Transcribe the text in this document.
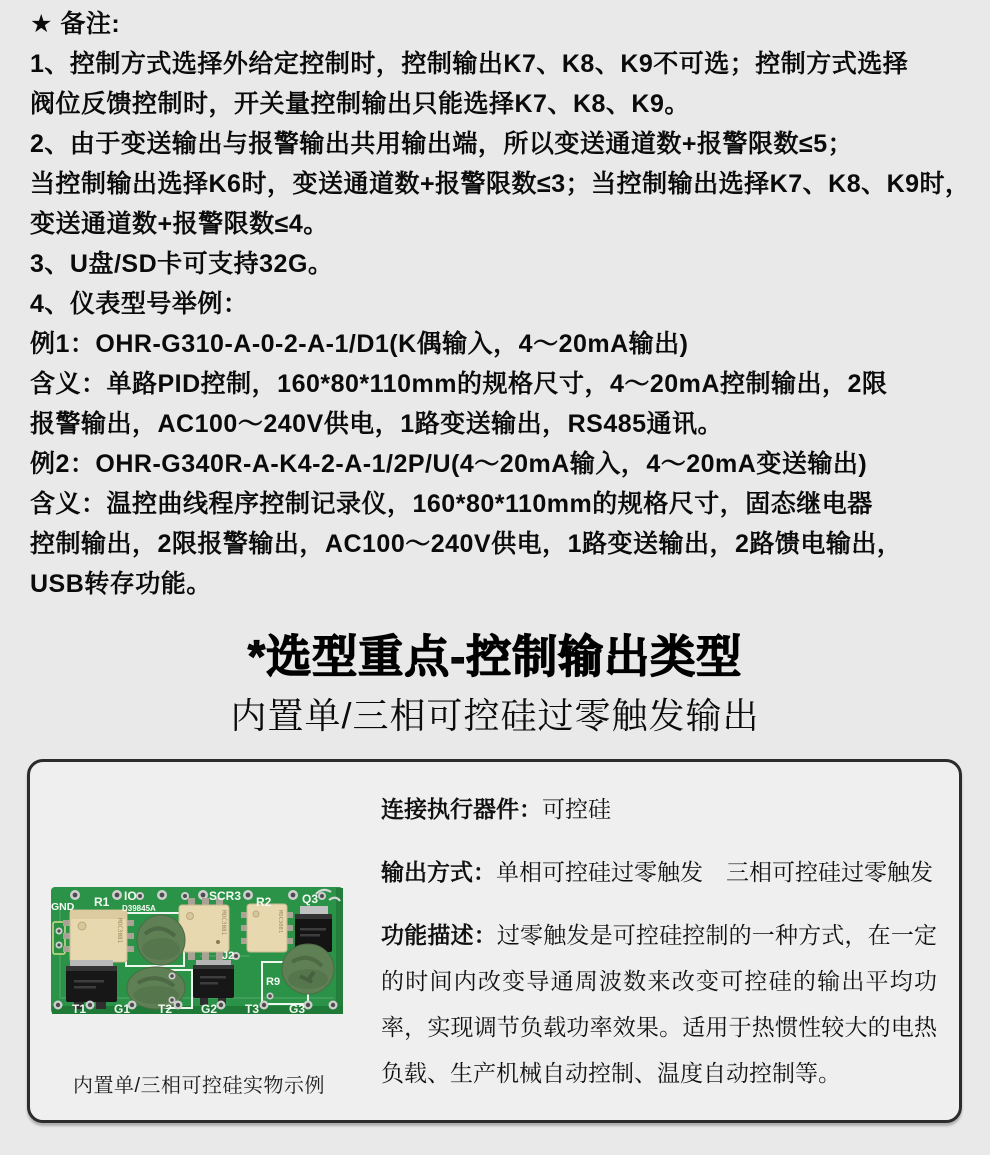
★ 备注:
1、控制方式选择外给定控制时，控制输出K7、K8、K9不可选；控制方式选择
阀位反馈控制时，开关量控制输出只能选择K7、K8、K9。
2、由于变送输出与报警输出共用输出端，所以变送通道数+报警限数≤5；
当控制输出选择K6时，变送通道数+报警限数≤3；当控制输出选择K7、K8、K9时，
变送通道数+报警限数≤4。
3、U盘/SD卡可支持32G。
4、仪表型号举例：
例1：OHR-G310-A-0-2-A-1/D1(K偶输入，4～20mA输出)
含义：单路PID控制，160*80*110mm的规格尺寸，4～20mA控制输出，2限
报警输出，AC100～240V供电，1路变送输出，RS485通讯。
例2：OHR-G340R-A-K4-2-A-1/2P/U(4～20mA输入，4～20mA变送输出)
含义：温控曲线程序控制记录仪，160*80*110mm的规格尺寸，固态继电器
控制输出，2限报警输出，AC100～240V供电，1路变送输出，2路馈电输出，
USB转存功能。
*选型重点-控制输出类型
内置单/三相可控硅过零触发输出

连接执行器件：可控硅

输出方式：单相可控硅过零触发　三相可控硅过零触发

功能描述：过零触发是可控硅控制的一种方式，在一定的时间内改变导通周波数来改变可控硅的输出平均功率，实现调节负载功率效果。适用于热惯性较大的电热负载、生产机械自动控制、温度自动控制等。

MOC3081	MOC3081	MOC3081
GND R1 IO
D39845A
SCR3 R2	Q3
J2
R9
T1 G1 T2 G2 T3 G3
内置单/三相可控硅实物示例
